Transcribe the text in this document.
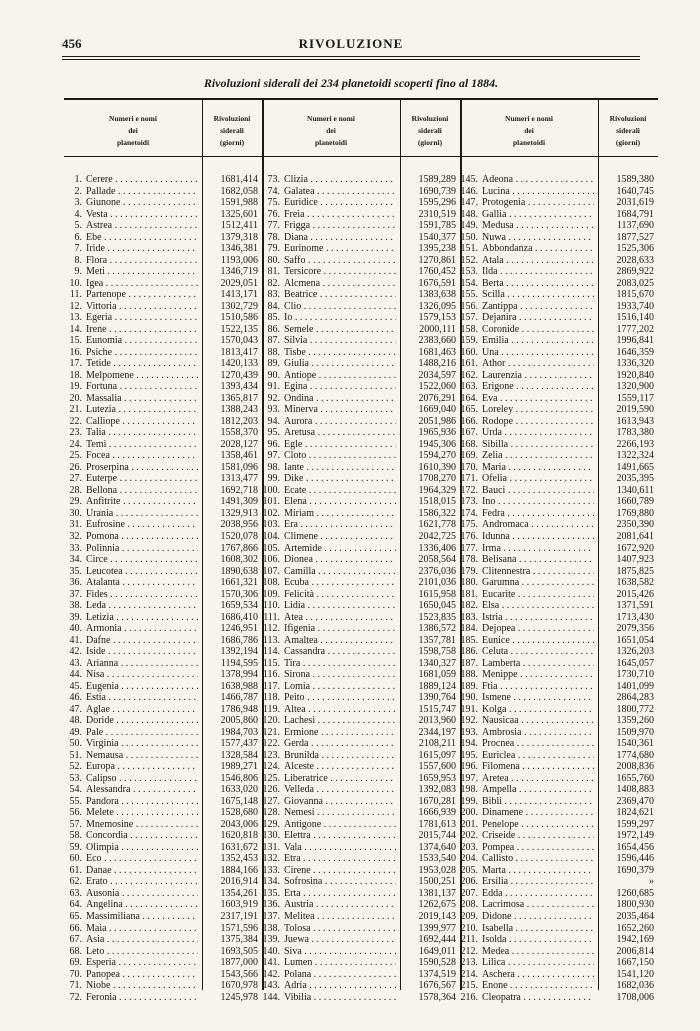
456	RIVOLUZIONE
Rivoluzioni siderali dei 234 planetoidi scoperti fino al 1884.
Numeri e nomi
dei
planetoidi
Rivoluzioni
siderali
(giorni)
1. Cerere . . .	1681,414
2. Pallade . . .	1682,058
3. Giunone . . .	1591,988
4. Vesta . . .	1325,601
5. Astrea . . .	1512,411
6. Ebe . . .	1379,318
7. Iride . . .	1346,381
8. Flora . . .	1193,006
9. Meti . . .	1346,719
10. Igea . . .	2029,051
11. Partenope . . .	1413,171
12. Vittoria . . .	1302,729
13. Egeria . . .	1510,586
14. Irene . . .	1522,135
15. Eunomia . . .	1570,043
16. Psiche . . .	1813,417
17. Tetide . . .	1420,133
18. Melpomene . . .	1270,439
19. Fortuna . . .	1393,434
20. Massalia . . .	1365,817
21. Lutezia . . .	1388,243
22. Calliope . . .	1812,203
23. Talia . . .	1558,370
24. Temi . . .	2028,127
25. Focea . . .	1358,461
26. Proserpina . . .	1581,096
27. Euterpe . . .	1313,477
28. Bellona . . .	1692,718
29. Anfitrite . . .	1491,309
30. Urania . . .	1329,913
31. Eufrosine . . .	2038,956
32. Pomona . . .	1520,078
33. Polinnia . . .	1767,866
34. Circe . . .	1608,302
35. Leucotea . . .	1890,638
36. Atalanta . . .	1661,321
37. Fides . . .	1570,306
38. Leda . . .	1659,534
39. Letizia . . .	1686,410
40. Armonia . . .	1246,951
41. Dafne . . .	1686,786
42. Iside . . .	1392,194
43. Arianna . . .	1194,595
44. Nisa . . .	1378,994
45. Eugenia . . .	1638,988
46. Estia . . .	1466,787
47. Aglae . . .	1786,948
48. Doride . . .	2005,860
49. Pale . . .	1984,703
50. Virginia . . .	1577,437
51. Nemausa . . .	1328,584
52. Europa . . .	1989,271
53. Calipso . . .	1546,806
54. Alessandra . . .	1633,020
55. Pandora . . .	1675,148
56. Melete . . .	1528,680
57. Mnemosine . . .	2043,006
58. Concordia . . .	1620,818
59. Olimpia . . .	1631,672
60. Eco . . .	1352,453
61. Danae . . .	1884,166
62. Erato . . .	2016,914
63. Ausonia . . .	1354,261
64. Angelina . . .	1603,919
65. Massimiliana . . .	2317,191
66. Maia . . .	1571,596
67. Asia . . .	1375,384
68. Leto . . .	1693,505
69. Esperia . . .	1877,000
70. Panopea . . .	1543,566
71. Niobe . . .	1670,978
72. Feronia . . .	1245,978
Numeri e nomi
dei
planetoidi
Rivoluzioni
siderali
(giorni)
73. Clizia . . .	1589,289
74. Galatea . . .	1690,739
75. Euridice . . .	1595,296
76. Freia . . .	2310,519
77. Frigga . . .	1591,785
78. Diana . . .	1540,377
79. Eurinome . . .	1395,238
80. Saffo . . .	1270,861
81. Tersicore . . .	1760,452
82. Alcmena . . .	1676,591
83. Beatrice . . .	1383,638
84. Clio . . .	1326,095
85. Io . . .	1579,153
86. Semele . . .	2000,111
87. Silvia . . .	2383,660
88. Tisbe . . .	1681,463
89. Giulia . . .	1488,216
90. Antiope . . .	2034,597
91. Egina . . .	1522,060
92. Ondina . . .	2076,291
93. Minerva . . .	1669,040
94. Aurora . . .	2051,986
95. Aretusa . . .	1965,936
96. Egle . . .	1945,306
97. Cloto . . .	1594,270
98. Iante . . .	1610,390
99. Dike . . .	1708,270
100. Ecate . . .	1964,329
101. Elena . . .	1518,015
102. Miriam . . .	1586,322
103. Era . . .	1621,778
104. Climene . . .	2042,725
105. Artemide . . .	1336,406
106. Dionea . . .	2058,564
107. Camilla . . .	2376,036
108. Ecuba . . .	2101,036
109. Felicità . . .	1615,958
110. Lidia . . .	1650,045
111. Atea . . .	1523,835
112. Ifigenia . . .	1386,572
113. Amaltea . . .	1357,781
114. Cassandra . . .	1598,758
115. Tira . . .	1340,327
116. Sirona . . .	1681,059
117. Lomia . . .	1889,124
118. Peito . . .	1390,764
119. Altea . . .	1515,747
120. Lachesi . . .	2013,960
121. Ermione . . .	2344,197
122. Gerda . . .	2108,211
123. Brunilda . . .	1615,097
124. Alceste . . .	1557,600
125. Liberatrice . . .	1659,953
126. Velleda . . .	1392,083
127. Giovanna . . .	1670,281
128. Nemesi . . .	1666,939
129. Antigone . . .	1781,613
130. Elettra . . .	2015,744
131. Vala . . .	1374,640
132. Etra . . .	1533,540
133. Cirene . . .	1953,028
134. Sofrosina . . .	1500,251
135. Erta . . .	1381,137
136. Austria . . .	1262,675
137. Melitea . . .	2019,143
138. Tolosa . . .	1399,977
139. Juewa . . .	1692,444
140. Siva . . .	1649,011
141. Lumen . . .	1590,528
142. Polana . . .	1374,519
143. Adria . . .	1676,567
144. Vibilia . . .	1578,364
Numeri e nomi
dei
planetoidi
Rivoluzioni
siderali
(giorni)
145. Adeona . . .	1589,380
146. Lucina . . .	1640,745
147. Protogenia . . .	2031,619
148. Gallia . . .	1684,791
149. Medusa . . .	1137,690
150. Nuwa . . .	1877,527
151. Abbondanza . . .	1525,306
152. Atala . . .	2028,633
153. Ilda . . .	2869,922
154. Berta . . .	2083,025
155. Scilla . . .	1815,670
156. Zantippa . . .	1933,740
157. Dejanira . . .	1516,140
158. Coronide . . .	1777,202
159. Emilia . . .	1996,841
160. Una . . .	1646,359
161. Athor . . .	1336,320
162. Laurenzia . . .	1920,840
163. Erigone . . .	1320,900
164. Eva . . .	1559,117
165. Loreley . . .	2019,590
166. Rodope . . .	1613,943
167. Urda . . .	1783,380
168. Sibilla . . .	2266,193
169. Zelia . . .	1322,324
170. Maria . . .	1491,665
171. Ofelia . . .	2035,395
172. Bauci . . .	1340,611
173. Ino . . .	1660,789
174. Fedra . . .	1769,880
175. Andromaca . . .	2350,390
176. Idunna . . .	2081,641
177. Irma . . .	1672,920
178. Belisana . . .	1407,923
179. Clitennestra . . .	1875,825
180. Garumna . . .	1638,582
181. Eucarite . . .	2015,426
182. Elsa . . .	1371,591
183. Istria . . .	1713,430
184. Dejopea . . .	2079,356
185. Eunice . . .	1651,054
186. Celuta . . .	1326,203
187. Lamberta . . .	1645,057
188. Menippe . . .	1730,710
189. Ftia . . .	1401,099
190. Ismene . . .	2864,283
191. Kolga . . .	1800,772
192. Nausicaa . . .	1359,260
193. Ambrosia . . .	1509,970
194. Procnea . . .	1540,361
195. Euriclea . . .	1774,680
196. Filomena . . .	2008,836
197. Aretea . . .	1655,760
198. Ampella . . .	1408,883
199. Bibli . . .	2369,470
200. Dinamene . . .	1824,621
201. Penelope . . .	1599,297
202. Criseide . . .	1972,149
203. Pompea . . .	1654,456
204. Callisto . . .	1596,446
205. Marta . . .	1690,379
206. Ersilia . . .	»
207. Edda . . .	1260,685
208. Lacrimosa . . .	1800,930
209. Didone . . .	2035,464
210. Isabella . . .	1652,260
211. Isolda . . .	1942,169
212. Medea . . .	2006,814
213. Lilica . . .	1667,150
214. Aschera . . .	1541,120
215. Enone . . .	1682,036
216. Cleopatra . . .	1708,006
